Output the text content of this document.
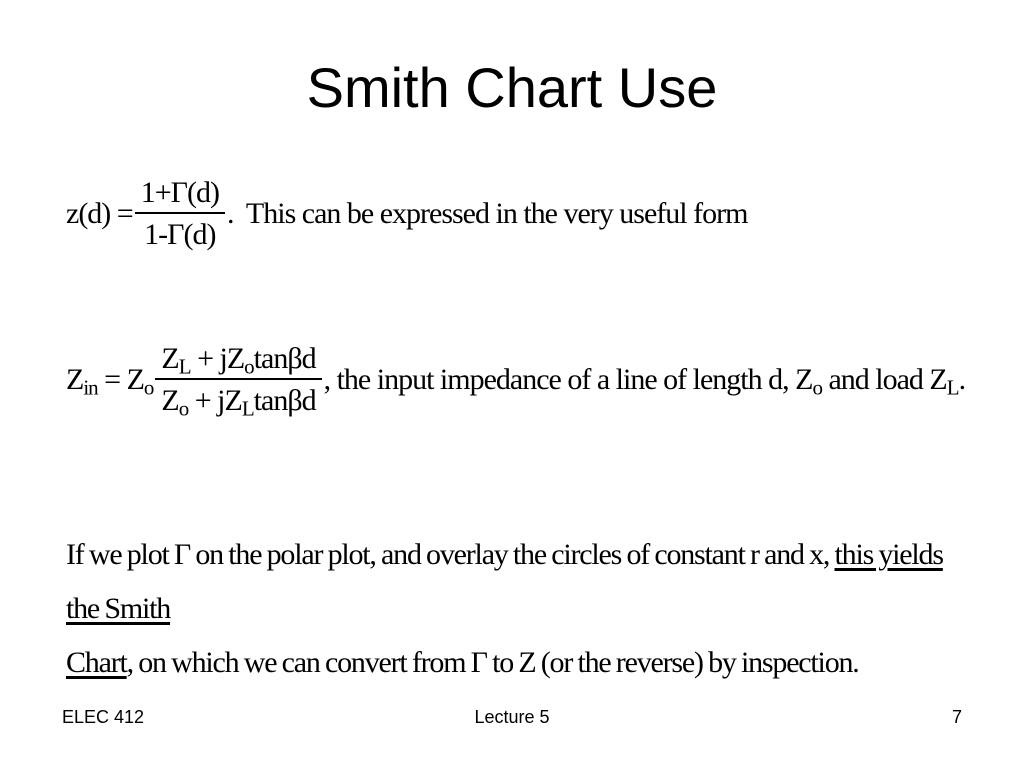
Smith Chart Use
$z(d) = \frac{1+\Gamma(d)}{1-\Gamma(d)}$ .  This can be expressed in the very useful form
$Z_{in} = Z_o \frac{Z_L + jZ_o\tan\beta d}{Z_o + jZ_L\tan\beta d}$ , the input impedance of a line of length d, $Z_o$ and load $Z_L$.
If we plot Γ on the polar plot, and overlay the circles of constant r and x, this yields the Smith
Chart, on which we can convert from Γ to Z (or the reverse) by inspection.
ELEC 412	Lecture 5	7
